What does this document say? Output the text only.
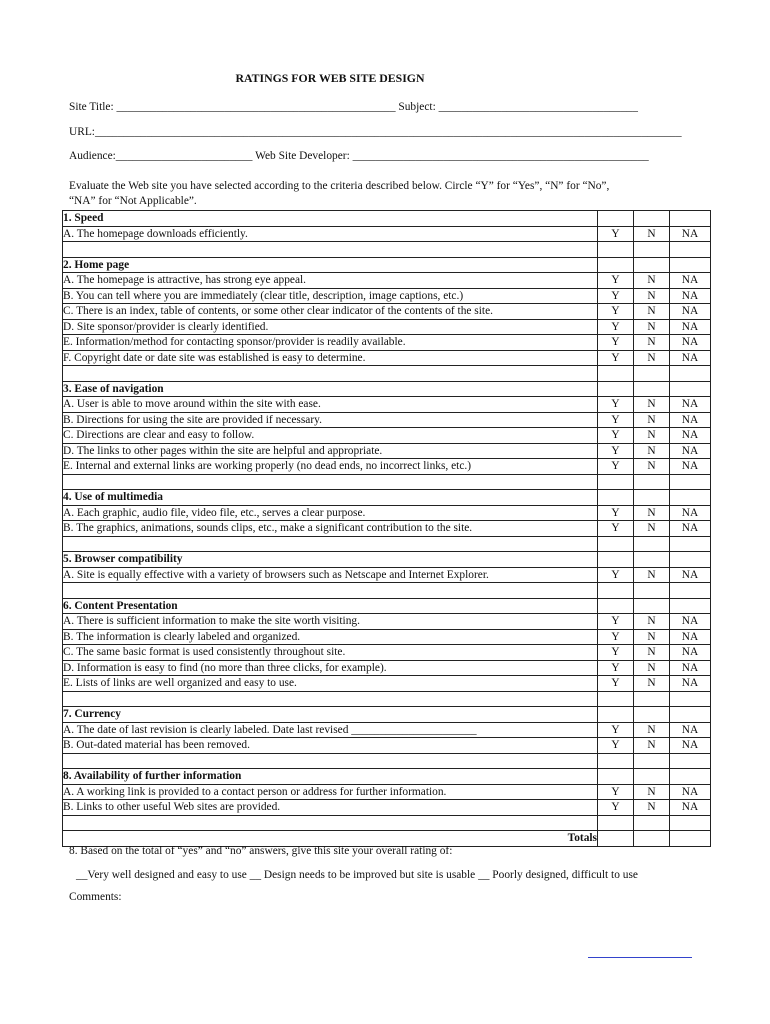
RATINGS FOR WEB SITE DESIGN
Site Title: _________________________________________________ Subject: ___________________________________
URL:_______________________________________________________________________________________________________
Audience:________________________ Web Site Developer: ____________________________________________________
Evaluate the Web site you have selected according to the criteria described below. Circle “Y” for “Yes”, “N” for “No”,
“NA” for “Not Applicable”.
1. Speed			
A. The homepage downloads efficiently.	Y	N	NA

2. Home page			
A. The homepage is attractive, has strong eye appeal.	Y	N	NA
B. You can tell where you are immediately (clear title, description, image captions, etc.)	Y	N	NA
C. There is an index, table of contents, or some other clear indicator of the contents of the site.	Y	N	NA
D. Site sponsor/provider is clearly identified.	Y	N	NA
E. Information/method for contacting sponsor/provider is readily available.	Y	N	NA
F. Copyright date or date site was established is easy to determine.	Y	N	NA

3. Ease of navigation			
A. User is able to move around within the site with ease.	Y	N	NA
B. Directions for using the site are provided if necessary.	Y	N	NA
C. Directions are clear and easy to follow.	Y	N	NA
D. The links to other pages within the site are helpful and appropriate.	Y	N	NA
E. Internal and external links are working properly (no dead ends, no incorrect links, etc.)	Y	N	NA

4. Use of multimedia			
A. Each graphic, audio file, video file, etc., serves a clear purpose.	Y	N	NA
B. The graphics, animations, sounds clips, etc., make a significant contribution to the site.	Y	N	NA

5. Browser compatibility			
A. Site is equally effective with a variety of browsers such as Netscape and Internet Explorer.	Y	N	NA

6. Content Presentation			
A. There is sufficient information to make the site worth visiting.	Y	N	NA
B. The information is clearly labeled and organized.	Y	N	NA
C. The same basic format is used consistently throughout site.	Y	N	NA
D. Information is easy to find (no more than three clicks, for example).	Y	N	NA
E. Lists of links are well organized and easy to use.	Y	N	NA

7. Currency			
A. The date of last revision is clearly labeled. Date last revised ______________________	Y	N	NA
B. Out-dated material has been removed.	Y	N	NA

8. Availability of further information			
A. A working link is provided to a contact person or address for further information.	Y	N	NA
B. Links to other useful Web sites are provided.	Y	N	NA

Totals			
8. Based on the total of “yes” and “no” answers, give this site your overall rating of:
__Very well designed and easy to use __ Design needs to be improved but site is usable __ Poorly designed, difficult to use
Comments:
